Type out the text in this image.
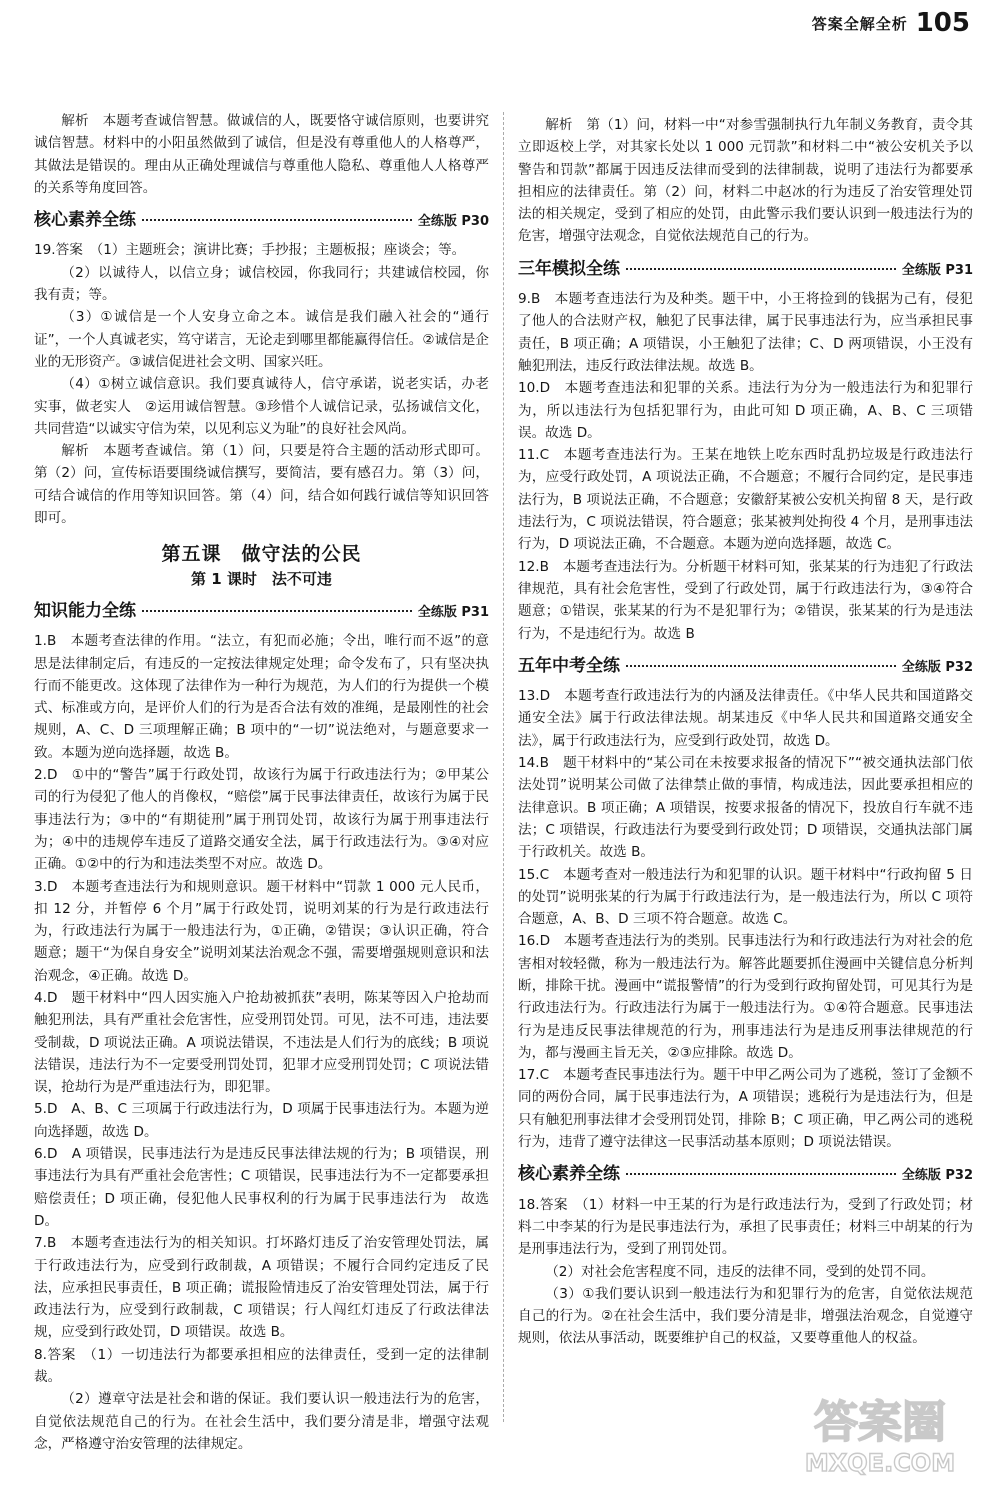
答案全解全析 105

解析　本题考查诚信智慧。做诚信的人，既要恪守诚信原则，也要讲究诚信智慧。材料中的小阳虽然做到了诚信，但是没有尊重他人的人格尊严，其做法是错误的。理由从正确处理诚信与尊重他人隐私、尊重他人人格尊严的关系等角度回答。

核心素养全练	全练版 P30

19.答案　（1）主题班会；演讲比赛；手抄报；主题板报；座谈会；等。

（2）以诚待人，以信立身；诚信校园，你我同行；共建诚信校园，你我有责；等。

（3）①诚信是一个人安身立命之本。诚信是我们融入社会的“通行证”，一个人真诚老实，笃守诺言，无论走到哪里都能赢得信任。②诚信是企业的无形资产。③诚信促进社会文明、国家兴旺。

（4）①树立诚信意识。我们要真诚待人，信守承诺，说老实话，办老实事，做老实人　②运用诚信智慧。③珍惜个人诚信记录，弘扬诚信文化，共同营造“以诚实守信为荣，以见利忘义为耻”的良好社会风尚。

解析　本题考查诚信。第（1）问，只要是符合主题的活动形式即可。第（2）问，宣传标语要围绕诚信撰写，要简洁，要有感召力。第（3）问，可结合诚信的作用等知识回答。第（4）问，结合如何践行诚信等知识回答即可。

第五课　做守法的公民
第 1 课时　法不可违
知识能力全练	全练版 P31

1.B　本题考查法律的作用。“法立，有犯而必施；令出，唯行而不返”的意思是法律制定后，有违反的一定按法律规定处理；命令发布了，只有坚决执行而不能更改。这体现了法律作为一种行为规范，为人们的行为提供一个模式、标准或方向，是评价人们的行为是否合法有效的准绳，是最刚性的社会规则，A、C、D 三项理解正确；B 项中的“一切”说法绝对，与题意要求一致。本题为逆向选择题，故选 B。

2.D　①中的“警告”属于行政处罚，故该行为属于行政违法行为；②甲某公司的行为侵犯了他人的肖像权，“赔偿”属于民事法律责任，故该行为属于民事违法行为；③中的“有期徒刑”属于刑罚处罚，故该行为属于刑事违法行为；④中的违规停车违反了道路交通安全法，属于行政违法行为。③④对应正确。①②中的行为和违法类型不对应。故选 D。

3.D　本题考查违法行为和规则意识。题干材料中“罚款 1 000 元人民币，扣 12 分，并暂停 6 个月”属于行政处罚，说明刘某的行为是行政违法行为，行政违法行为属于一般违法行为，①正确，②错误；③认识正确，符合题意；题干“为保自身安全”说明刘某法治观念不强，需要增强规则意识和法治观念，④正确。故选 D。

4.D　题干材料中“四人因实施入户抢劫被抓获”表明，陈某等因入户抢劫而触犯刑法，具有严重社会危害性，应受刑罚处罚。可见，法不可违，违法要受制裁，D 项说法正确。A 项说法错误，不违法是人们行为的底线；B 项说法错误，违法行为不一定要受刑罚处罚，犯罪才应受刑罚处罚；C 项说法错误，抢劫行为是严重违法行为，即犯罪。

5.D　A、B、C 三项属于行政违法行为，D 项属于民事违法行为。本题为逆向选择题，故选 D。

6.D　A 项错误，民事违法行为是违反民事法律法规的行为；B 项错误，刑事违法行为具有严重社会危害性；C 项错误，民事违法行为不一定都要承担赔偿责任；D 项正确，侵犯他人民事权利的行为属于民事违法行为　故选 D。

7.B　本题考查违法行为的相关知识。打坏路灯违反了治安管理处罚法，属于行政违法行为，应受到行政制裁，A 项错误；不履行合同约定违反了民法，应承担民事责任，B 项正确；谎报险情违反了治安管理处罚法，属于行政违法行为，应受到行政制裁，C 项错误；行人闯红灯违反了行政法律法规，应受到行政处罚，D 项错误。故选 B。

8.答案　（1）一切违法行为都要承担相应的法律责任，受到一定的法律制裁。

（2）遵章守法是社会和谐的保证。我们要认识一般违法行为的危害，自觉依法规范自己的行为。在社会生活中，我们要分清是非，增强守法观念，严格遵守治安管理的法律规定。

解析　第（1）问，材料一中“对参雪强制执行九年制义务教育，责令其立即返校上学，对其家长处以 1 000 元罚款”和材料二中“被公安机关予以警告和罚款”都属于因违反法律而受到的法律制裁，说明了违法行为都要承担相应的法律责任。第（2）问，材料二中赵冰的行为违反了治安管理处罚法的相关规定，受到了相应的处罚，由此警示我们要认识到一般违法行为的危害，增强守法观念，自觉依法规范自己的行为。

三年模拟全练	全练版 P31

9.B　本题考查违法行为及种类。题干中，小王将捡到的钱据为己有，侵犯了他人的合法财产权，触犯了民事法律，属于民事违法行为，应当承担民事责任，B 项正确；A 项错误，小王触犯了法律；C、D 两项错误，小王没有触犯刑法，违反行政法律法规。故选 B。

10.D　本题考查违法和犯罪的关系。违法行为分为一般违法行为和犯罪行为，所以违法行为包括犯罪行为，由此可知 D 项正确，A、B、C 三项错误。故选 D。

11.C　本题考查违法行为。王某在地铁上吃东西时乱扔垃圾是行政违法行为，应受行政处罚，A 项说法正确，不合题意；不履行合同约定，是民事违法行为，B 项说法正确，不合题意；安徽舒某被公安机关拘留 8 天，是行政违法行为，C 项说法错误，符合题意；张某被判处拘役 4 个月，是刑事违法行为，D 项说法正确，不合题意。本题为逆向选择题，故选 C。

12.B　本题考查违法行为。分析题干材料可知，张某某的行为违犯了行政法律规范，具有社会危害性，受到了行政处罚，属于行政违法行为，③④符合题意；①错误，张某某的行为不是犯罪行为；②错误，张某某的行为是违法行为，不是违纪行为。故选 B

五年中考全练	全练版 P32

13.D　本题考查行政违法行为的内涵及法律责任。《中华人民共和国道路交通安全法》属于行政法律法规。胡某违反《中华人民共和国道路交通安全法》，属于行政违法行为，应受到行政处罚，故选 D。

14.B　题干材料中的“某公司在未按要求报备的情况下”“被交通执法部门依法处罚”说明某公司做了法律禁止做的事情，构成违法，因此要承担相应的法律意识。B 项正确；A 项错误，按要求报备的情况下，投放自行车就不违法；C 项错误，行政违法行为要受到行政处罚；D 项错误，交通执法部门属于行政机关。故选 B。

15.C　本题考查对一般违法行为和犯罪的认识。题干材料中“行政拘留 5 日的处罚”说明张某的行为属于行政违法行为，是一般违法行为，所以 C 项符合题意，A、B、D 三项不符合题意。故选 C。

16.D　本题考查违法行为的类别。民事违法行为和行政违法行为对社会的危害相对较轻微，称为一般违法行为。解答此题要抓住漫画中关键信息分析判断，排除干扰。漫画中“谎报警情”的行为受到行政拘留处罚，可见其行为是行政违法行为。行政违法行为属于一般违法行为。①④符合题意。民事违法行为是违反民事法律规范的行为，刑事违法行为是违反刑事法律规范的行为，都与漫画主旨无关，②③应排除。故选 D。

17.C　本题考查民事违法行为。题干中甲乙两公司为了逃税，签订了金额不同的两份合同，属于民事违法行为，A 项错误；逃税行为是违法行为，但是只有触犯刑事法律才会受刑罚处罚，排除 B；C 项正确，甲乙两公司的逃税行为，违背了遵守法律这一民事活动基本原则；D 项说法错误。

核心素养全练	全练版 P32

18.答案　（1）材料一中王某的行为是行政违法行为，受到了行政处罚；材料二中李某的行为是民事违法行为，承担了民事责任；材料三中胡某的行为是刑事违法行为，受到了刑罚处罚。

（2）对社会危害程度不同，违反的法律不同，受到的处罚不同。

（3）①我们要认识到一般违法行为和犯罪行为的危害，自觉依法规范自己的行为。②在社会生活中，我们要分清是非，增强法治观念，自觉遵守规则，依法从事活动，既要维护自己的权益，又要尊重他人的权益。

答案圈
MXQE.COM
